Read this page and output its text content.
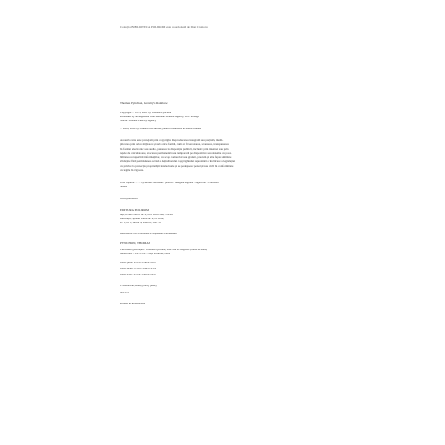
Colecția BIBLIOTECA POLIROM este coordonată de Dan Croitoru
Thomas Pynchon, Gravity's Rainbow
Copyright © 1973, 2001 by Thomas Pynchon
Published by arrangement with Melanie Jackson Agency, LLC through
Nordic Sweden Literary Agency
© 2008, 2024 by Editura POLIROM, pentru traducerea în limba română
Această carte este protejată prin copyright. Reproducerea integrală sau parțială, multi-
plicarea prin orice mijloace și sub orice formă, cum ar fi xeroxarea, scanarea, transpunerea
în format electronic sau audio, punerea la dispoziția publică, inclusiv prin internet sau prin
rețele de calculatoare, stocarea permanentă sau temporară pe dispozitive sau sisteme cu posi-
bilitatea recuperării informațiilor, cu scop comercial sau gratuit, precum și alte fapte similare
săvârșite fără permisiunea scrisă a deținătorului copyrightului reprezintă o încălcare a legislației
cu privire la protecția proprietății intelectuale și se pedepsesc penal și/sau civil în conformitate
cu legile în vigoare.
Foto copertă: © © by Arthur Hocheim / pozitiv / imagine digitală / digital art / Contrasti
Studio
www.polirom.ro
EDITURA POLIROM
Iași, B-dul Carol I nr. 4; P.O. BOX 266, 700506
București, Splaiul Unirii nr. 6, bl. B3A,
sc. 1, et. 1, sector 4, 040031, O.P. 53
Descrierea CIP a Bibliotecii Naționale a României:
PYNCHON, THOMAS
Curcubeul gravitației / Thomas Pynchon; trad. din lb. engleză și note de Rareș
Moldovan. – Ed. a 2-a. – Iași: Polirom, 2024
ISBN print: 978-973-46-9700-2
ISBN ePub: 978-973-46-9701-9
ISBN PDF: 978-973-46-9702-6
I. Moldovan, Rareș (trad.) (note)
821.111
Printed in ROMANIA
